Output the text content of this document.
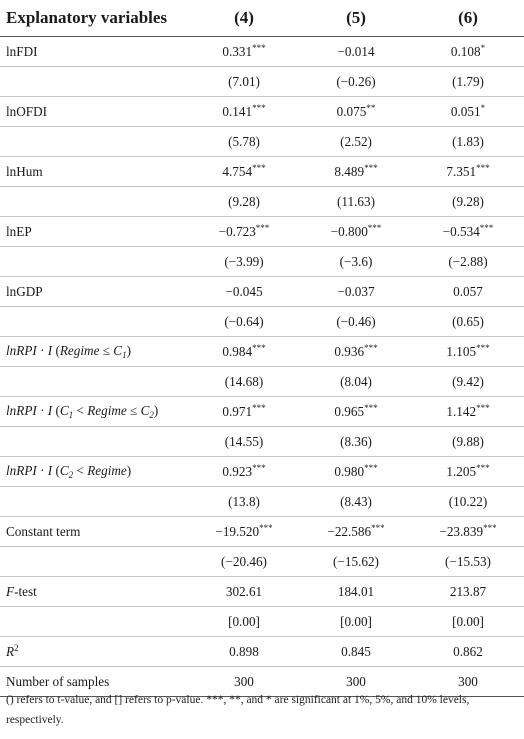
Explanatory variables	(4)	(5)	(6)
lnFDI	0.331***	−0.014	0.108*
	(7.01)	(−0.26)	(1.79)
lnOFDI	0.141***	0.075**	0.051*
	(5.78)	(2.52)	(1.83)
lnHum	4.754***	8.489***	7.351***
	(9.28)	(11.63)	(9.28)
lnEP	−0.723***	−0.800***	−0.534***
	(−3.99)	(−3.6)	(−2.88)
lnGDP	−0.045	−0.037	0.057
	(−0.64)	(−0.46)	(0.65)
lnRPI · I (Regime ≤ $C_1$)	0.984***	0.936***	1.105***
	(14.68)	(8.04)	(9.42)
lnRPI · I ($C_1$ < Regime ≤ $C_2$)	0.971***	0.965***	1.142***
	(14.55)	(8.36)	(9.88)
lnRPI · I ($C_2$ < Regime)	0.923***	0.980***	1.205***
	(13.8)	(8.43)	(10.22)
Constant term	−19.520***	−22.586***	−23.839***
	(−20.46)	(−15.62)	(−15.53)
F-test	302.61	184.01	213.87
	[0.00]	[0.00]	[0.00]
$R^2$	0.898	0.845	0.862
Number of samples	300	300	300
() refers to t-value, and [] refers to p-value. ***, **, and * are significant at 1%, 5%, and 10% levels, respectively.
